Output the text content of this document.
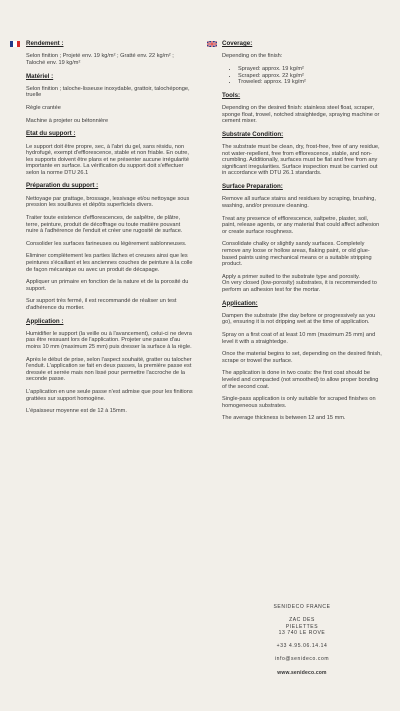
Rendement :

Selon finition ; Projeté env. 19 kg/m² ; Gratté env. 22 kg/m² ; Taloché env. 19 kg/m²

Matériel :

Selon finition ; taloche-lisseuse inoxydable, grattoir, talochéponge, truelle

Règle crantée

Machine à projeter ou bétonnière

Etat du support :

Le support doit être propre, sec, à l'abri du gel, sans résidu, non hydrofugé, exempt d'efflorescence, stable et non friable. En outre, les supports doivent être plans et ne présenter aucune irrégularité importante en surface. La vérification du support doit s'effectuer selon la norme DTU 26.1

Préparation du support :

Nettoyage par grattage, brossage, lessivage et/ou nettoyage sous pression les souillures et dépôts superficiels divers.

Traiter toute existence d'efflorescences, de salpêtre, de plâtre, terre, peinture, produit de décoffrage ou toute matière pouvant nuire à l'adhérence de l'enduit et créer une rugosité de surface.

Consolider les surfaces farineuses ou légèrement sablonneuses.

Eliminer complètement les parties lâches et creuses ainsi que les peintures s'écaillant et les anciennes couches de peinture à la colle de façon mécanique ou avec un produit de décapage.

Appliquer un primaire en fonction de la nature et de la porosité du support.

Sur support très fermé, il est recommandé de réaliser un test d'adhérence du mortier.

Application :

Humidifier le support (la veille ou à l'avancement), celui-ci ne devra pas être ressuant lors de l'application. Projeter une passe d'au moins 10 mm (maximum 25 mm) puis dresser la surface à la règle.

Après le début de prise, selon l'aspect souhaité, gratter ou talocher l'enduit. L'application se fait en deux passes, la première passe est dressée et serrée mais non lissé pour permettre l'accroche de la seconde passe.

L'application en une seule passe n'est admise que pour les finitions grattées sur support homogène.

L'épaisseur moyenne est de 12 à 15mm.

Coverage:

Depending on the finish:

• Sprayed: approx. 19 kg/m²
• Scraped: approx. 22 kg/m²
• Troweled: approx. 19 kg/m²
Tools:

Depending on the desired finish: stainless steel float, scraper, sponge float, trowel, notched straightedge, spraying machine or cement mixer.

Substrate Condition:

The substrate must be clean, dry, frost-free, free of any residue, not water-repellent, free from efflorescence, stable, and non-crumbling. Additionally, surfaces must be flat and free from any significant irregularities. Surface inspection must be carried out in accordance with DTU 26.1 standards.

Surface Preparation:

Remove all surface stains and residues by scraping, brushing, washing, and/or pressure cleaning.

Treat any presence of efflorescence, saltpetre, plaster, soil, paint, release agents, or any material that could affect adhesion or create surface roughness.

Consolidate chalky or slightly sandy surfaces. Completely remove any loose or hollow areas, flaking paint, or old glue-based paints using mechanical means or a suitable stripping product.

Apply a primer suited to the substrate type and porosity.
On very closed (low-porosity) substrates, it is recommended to perform an adhesion test for the mortar.

Application:

Dampen the substrate (the day before or progressively as you go), ensuring it is not dripping wet at the time of application.

Spray on a first coat of at least 10 mm (maximum 25 mm) and level it with a straightedge.

Once the material begins to set, depending on the desired finish, scrape or trowel the surface.

The application is done in two coats: the first coat should be leveled and compacted (not smoothed) to allow proper bonding of the second coat.

Single-pass application is only suitable for scraped finishes on homogeneous substrates.

The average thickness is between 12 and 15 mm.

SENIDECO FRANCE

ZAC DES
PIELETTES
13 740 LE ROVE

+33 4.95.06.14.14

info@senideco.com

www.senideco.com
